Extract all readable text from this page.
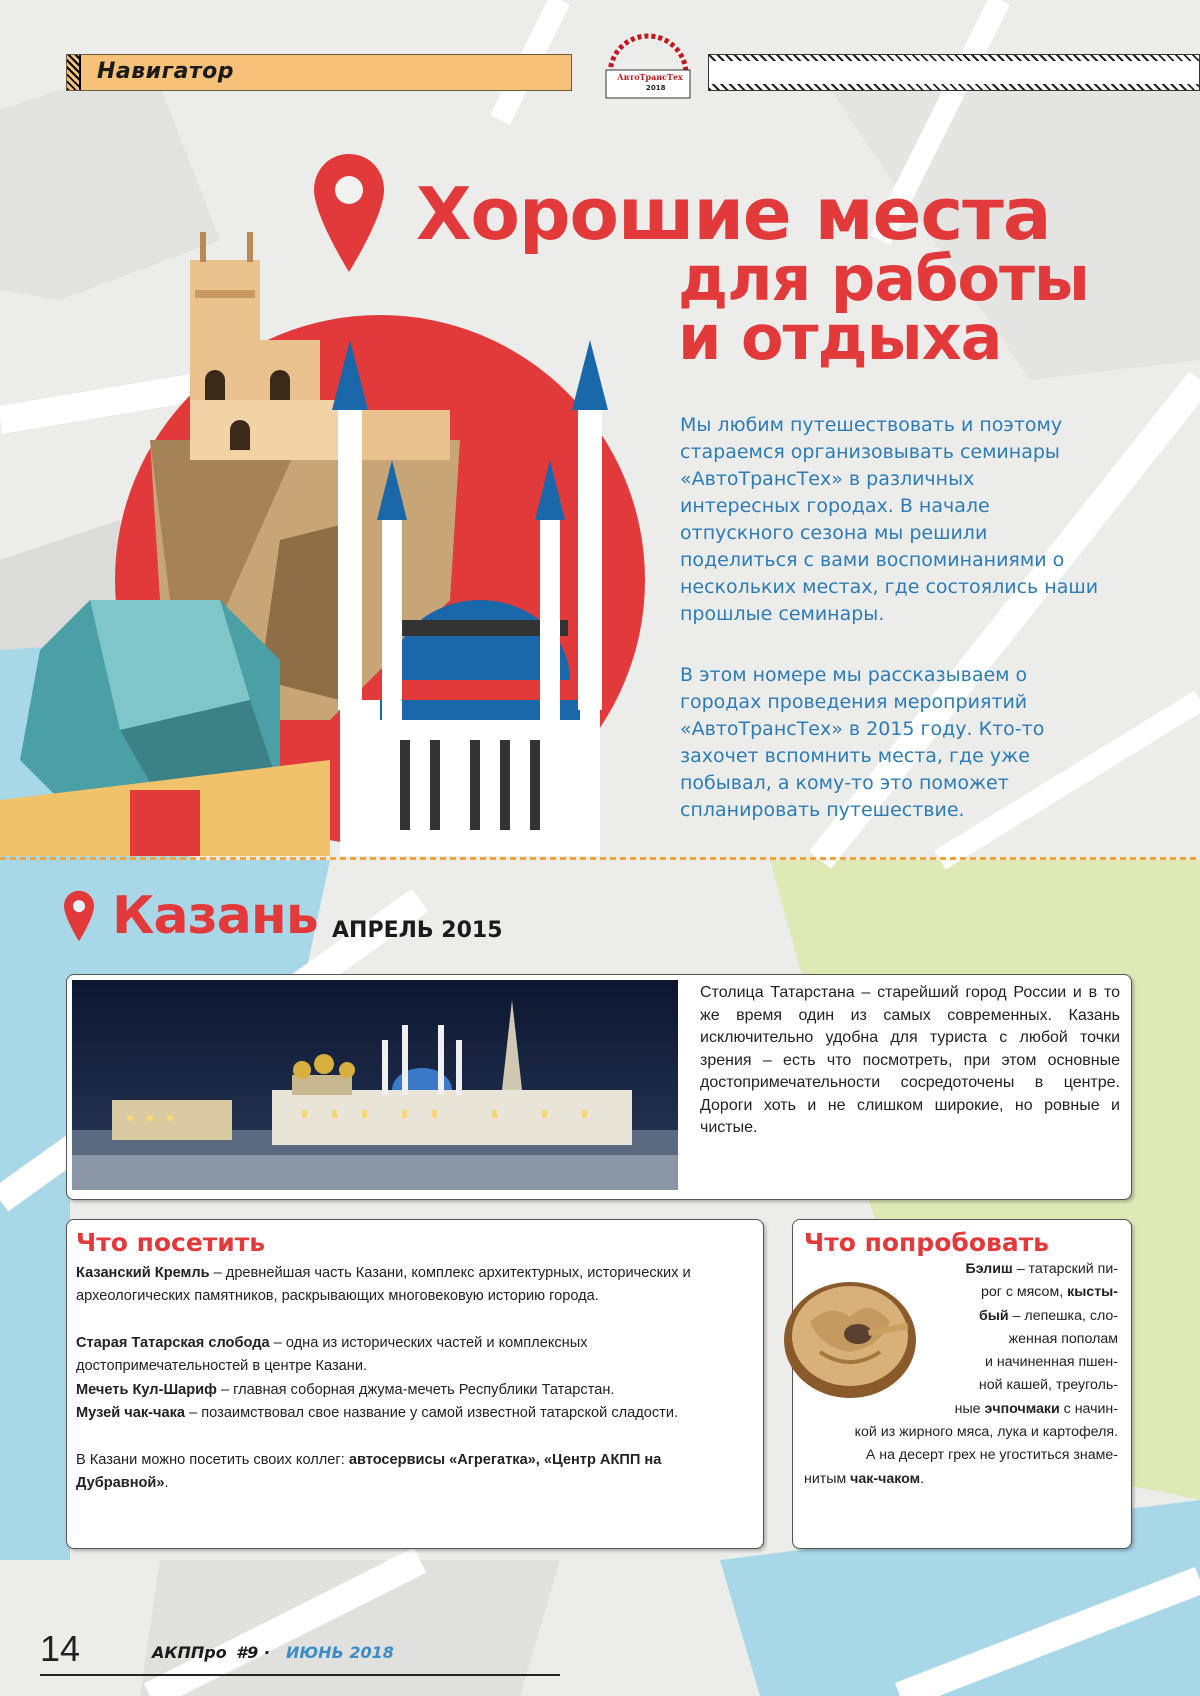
Навигатор	АвтоТрансТех
2018
Хорошие места
для работы
и отдыха

Мы любим путешествовать и поэтому стараемся организовывать семинары «АвтоТрансТех» в различных интересных городах. В начале отпускного сезона мы решили поделиться с вами воспоминаниями о нескольких местах, где состоялись наши прошлые семинары.

В этом номере мы рассказываем о городах проведения мероприятий «АвтоТрансТех» в 2015 году. Кто-то захочет вспомнить места, где уже побывал, а кому-то это поможет спланировать путешествие.

Казань АПРЕЛЬ 2015

Столица Татарстана – старейший город России и в то же время один из самых современных. Казань исключительно удобна для туриста с любой точки зрения – есть что посмотреть, при этом основные достопримечательности сосредоточены в центре. Дороги хоть и не слишком широкие, но ровные и чистые.

Что посетить

Казанский Кремль – древнейшая часть Казани, комплекс архитектурных, исторических и археологических памятников, раскрывающих многовековую историю города.

Старая Татарская слобода – одна из исторических частей и комплексных достопримечательностей в центре Казани.

Мечеть Кул-Шариф – главная соборная джума-мечеть Республики Татарстан.

Музей чак-чака – позаимствовал свое название у самой известной татарской сладости.

В Казани можно посетить своих коллег: автосервисы «Агрегатка», «Центр АКПП на Дубравной».

Что попробовать

Бэлиш – татарский пи-

рог с мясом, кысты-

бый – лепешка, сло-

женная пополам

и начиненная пшен-

ной кашей, треуголь-

ные эчпочмаки с начин-

кой из жирного мяса, лука и картофеля.

А на десерт грех не угоститься знаме-

нитым чак-чаком.

14	АКППро #9 · ИЮНЬ 2018
